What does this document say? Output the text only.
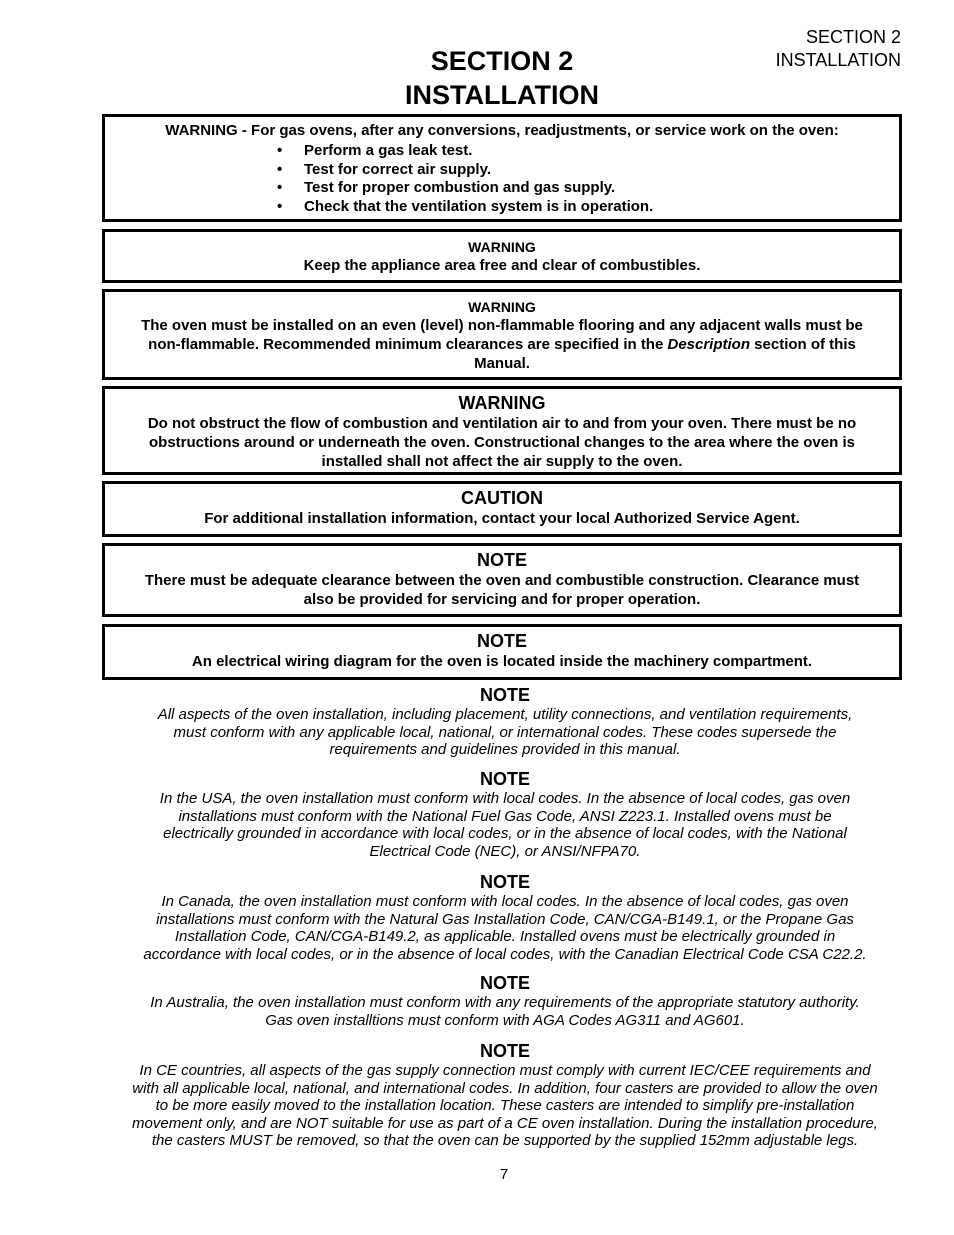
SECTION 2
INSTALLATION
SECTION 2
INSTALLATION
WARNING - For gas ovens, after any conversions, readjustments, or service work on the oven:
• Perform a gas leak test.
• Test for correct air supply.
• Test for proper combustion and gas supply.
• Check that the ventilation system is in operation.
WARNING
Keep the appliance area free and clear of combustibles.
WARNING
The oven must be installed on an even (level) non-flammable flooring and any adjacent walls must be non-flammable. Recommended minimum clearances are specified in the Description section of this Manual.
WARNING
Do not obstruct the flow of combustion and ventilation air to and from your oven. There must be no obstructions around or underneath the oven. Constructional changes to the area where the oven is installed shall not affect the air supply to the oven.
CAUTION
For additional installation information, contact your local Authorized Service Agent.
NOTE
There must be adequate clearance between the oven and combustible construction. Clearance must also be provided for servicing and for proper operation.
NOTE
An electrical wiring diagram for the oven is located inside the machinery compartment.
NOTE
All aspects of the oven installation, including placement, utility connections, and ventilation requirements,
must conform with any applicable local, national, or international codes. These codes supersede the
requirements and guidelines provided in this manual.
NOTE
In the USA, the oven installation must conform with local codes. In the absence of local codes, gas oven
installations must conform with the National Fuel Gas Code, ANSI Z223.1. Installed ovens must be
electrically grounded in accordance with local codes, or in the absence of local codes, with the National
Electrical Code (NEC), or ANSI/NFPA70.
NOTE
In Canada, the oven installation must conform with local codes. In the absence of local codes, gas oven
installations must conform with the Natural Gas Installation Code, CAN/CGA-B149.1, or the Propane Gas
Installation Code, CAN/CGA-B149.2, as applicable. Installed ovens must be electrically grounded in
accordance with local codes, or in the absence of local codes, with the Canadian Electrical Code CSA C22.2.
NOTE
In Australia, the oven installation must conform with any requirements of the appropriate statutory authority.
Gas oven installtions must conform with AGA Codes AG311 and AG601.
NOTE
In CE countries, all aspects of the gas supply connection must comply with current IEC/CEE requirements and
with all applicable local, national, and international codes. In addition, four casters are provided to allow the oven
to be more easily moved to the installation location. These casters are intended to simplify pre-installation
movement only, and are NOT suitable for use as part of a CE oven installation. During the installation procedure,
the casters MUST be removed, so that the oven can be supported by the supplied 152mm adjustable legs.
7
